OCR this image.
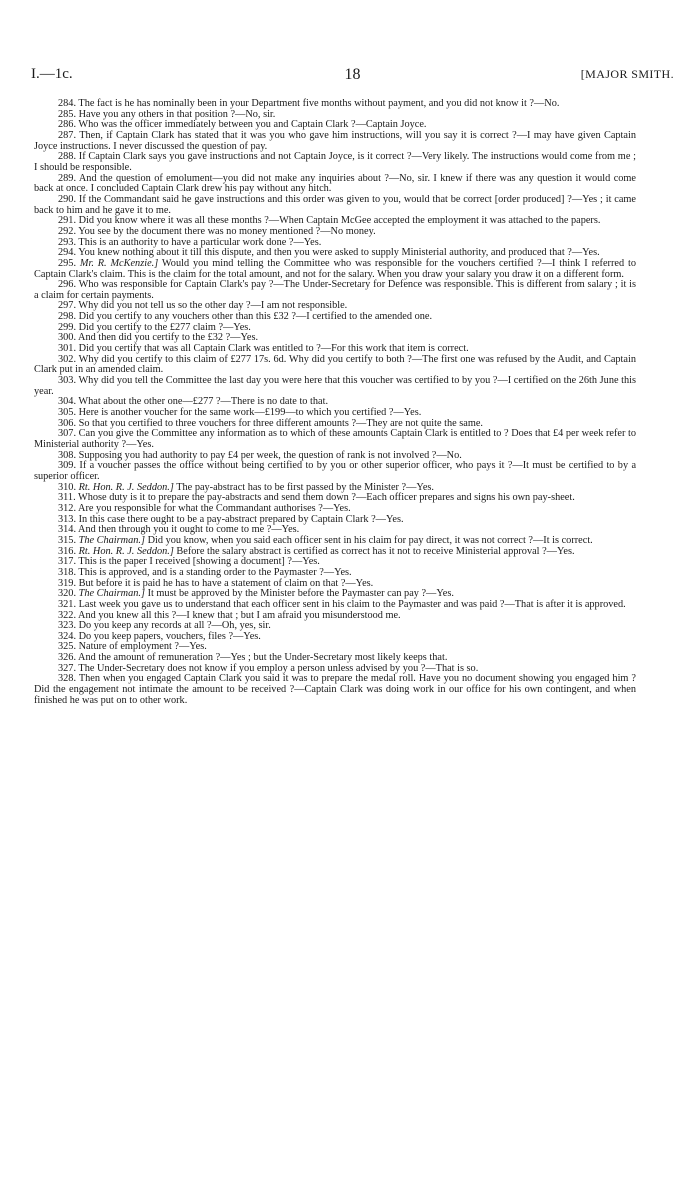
I.—1c.	18	[MAJOR SMITH.

284. The fact is he has nominally been in your Department five months without payment, and you did not know it ?—No.

285. Have you any others in that position ?—No, sir.

286. Who was the officer immediately between you and Captain Clark ?—Captain Joyce.

287. Then, if Captain Clark has stated that it was you who gave him instructions, will you say it is correct ?—I may have given Captain Joyce instructions. I never discussed the question of pay.

288. If Captain Clark says you gave instructions and not Captain Joyce, is it correct ?—Very likely. The instructions would come from me ; I should be responsible.

289. And the question of emolument—you did not make any inquiries about ?—No, sir. I knew if there was any question it would come back at once. I concluded Captain Clark drew his pay without any hitch.

290. If the Commandant said he gave instructions and this order was given to you, would that be correct [order produced] ?—Yes ; it came back to him and he gave it to me.

291. Did you know where it was all these months ?—When Captain McGee accepted the employment it was attached to the papers.

292. You see by the document there was no money mentioned ?—No money.

293. This is an authority to have a particular work done ?—Yes.

294. You knew nothing about it till this dispute, and then you were asked to supply Ministerial authority, and produced that ?—Yes.

295. Mr. R. McKenzie.] Would you mind telling the Committee who was responsible for the vouchers certified ?—I think I referred to Captain Clark's claim. This is the claim for the total amount, and not for the salary. When you draw your salary you draw it on a different form.

296. Who was responsible for Captain Clark's pay ?—The Under-Secretary for Defence was responsible. This is different from salary ; it is a claim for certain payments.

297. Why did you not tell us so the other day ?—I am not responsible.

298. Did you certify to any vouchers other than this £32 ?—I certified to the amended one.

299. Did you certify to the £277 claim ?—Yes.

300. And then did you certify to the £32 ?—Yes.

301. Did you certify that was all Captain Clark was entitled to ?—For this work that item is correct.

302. Why did you certify to this claim of £277 17s. 6d. Why did you certify to both ?—The first one was refused by the Audit, and Captain Clark put in an amended claim.

303. Why did you tell the Committee the last day you were here that this voucher was certified to by you ?—I certified on the 26th June this year.

304. What about the other one—£277 ?—There is no date to that.

305. Here is another voucher for the same work—£199—to which you certified ?—Yes.

306. So that you certified to three vouchers for three different amounts ?—They are not quite the same.

307. Can you give the Committee any information as to which of these amounts Captain Clark is entitled to ? Does that £4 per week refer to Ministerial authority ?—Yes.

308. Supposing you had authority to pay £4 per week, the question of rank is not involved ?—No.

309. If a voucher passes the office without being certified to by you or other superior officer, who pays it ?—It must be certified to by a superior officer.

310. Rt. Hon. R. J. Seddon.] The pay-abstract has to be first passed by the Minister ?—Yes.

311. Whose duty is it to prepare the pay-abstracts and send them down ?—Each officer prepares and signs his own pay-sheet.

312. Are you responsible for what the Commandant authorises ?—Yes.

313. In this case there ought to be a pay-abstract prepared by Captain Clark ?—Yes.

314. And then through you it ought to come to me ?—Yes.

315. The Chairman.] Did you know, when you said each officer sent in his claim for pay direct, it was not correct ?—It is correct.

316. Rt. Hon. R. J. Seddon.] Before the salary abstract is certified as correct has it not to receive Ministerial approval ?—Yes.

317. This is the paper I received [showing a document] ?—Yes.

318. This is approved, and is a standing order to the Paymaster ?—Yes.

319. But before it is paid he has to have a statement of claim on that ?—Yes.

320. The Chairman.] It must be approved by the Minister before the Paymaster can pay ?—Yes.

321. Last week you gave us to understand that each officer sent in his claim to the Paymaster and was paid ?—That is after it is approved.

322. And you knew all this ?—I knew that ; but I am afraid you misunderstood me.

323. Do you keep any records at all ?—Oh, yes, sir.

324. Do you keep papers, vouchers, files ?—Yes.

325. Nature of employment ?—Yes.

326. And the amount of remuneration ?—Yes ; but the Under-Secretary most likely keeps that.

327. The Under-Secretary does not know if you employ a person unless advised by you ?—That is so.

328. Then when you engaged Captain Clark you said it was to prepare the medal roll. Have you no document showing you engaged him ? Did the engagement not intimate the amount to be received ?—Captain Clark was doing work in our office for his own contingent, and when finished he was put on to other work.
